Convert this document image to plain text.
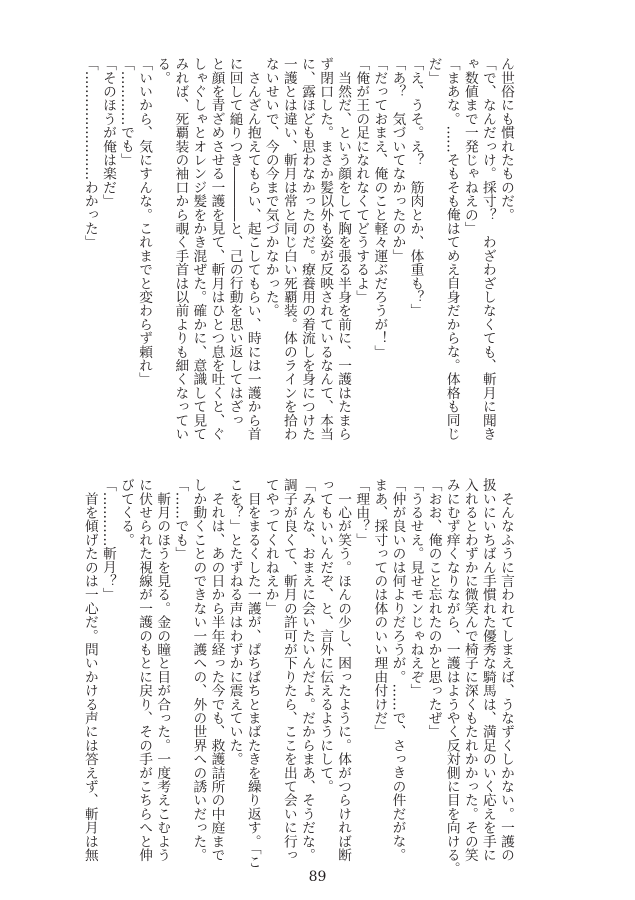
ん世俗にも慣れたものだ。
「で、なんだっけ。採寸？　わざわざしなくても、斬月に聞き
ゃ数値まで一発じゃねえの」
「まあな。……そもそも俺はてめえ自身だからな。体格も同じ
だ」
「え、うそ。え？　筋肉とか、体重も？」
「あ？　気づいてなかったのか」
「だっておまえ、俺のこと軽々運ぶだろうが！」
「俺が王の足になれなくてどうするよ」
　当然だ、という顔をして胸を張る半身を前に、一護はたまら
ず閉口した。まさか髪以外も姿が反映されているなんて、本当
に、露ほども思わなかったのだ。療養用の着流しを身につけた
一護とは違い、斬月は常と同じ白い死覇装。体のラインを拾わ
ないせいで、今の今まで気づかなかった。
　さんざん抱えてもらい、起こしてもらい、時には一護から首
に回して縋りつき――――と、己の行動を思い返してはざっ
と顔を青ざめさせる一護を見て、斬月はひとつ息を吐くと、ぐ
しゃぐしゃとオレンジ髪をかき混ぜた。確かに、意識して見て
みれば、死覇装の袖口から覗く手首は以前よりも細くなってい
る。
「いいから、気にすんな。これまでと変わらず頼れ」
「…………でも」
「そのほうが俺は楽だ」
「……………………わかった」
　そんなふうに言われてしまえば、うなずくしかない。一護の
扱いにいちばん手慣れた優秀な騎馬は、満足のいく応えを手に
入れるとわずかに微笑んで椅子に深くもたれかかった。その笑
みにむず痒くなりながら、一護はようやく反対側に目を向ける。
「おお、俺のこと忘れたのかと思ったぜ」
「うるせえ。見せモンじゃねえぞ」
「仲が良いのは何よりだろうが。……で、さっきの件だがな。
まあ、採寸ってのは体のいい理由付けだ」
「理由？」
　一心が笑う。ほんの少し、困ったように。体がつらければ断
ってもいいんだぞ、と、言外に伝えるようにして。
「みんな、おまえに会いたいんだよ。だからまあ、そうだな。
調子が良くて、斬月の許可が下りたら、ここを出て会いに行っ
てやってくれねえか」
　目をまるくした一護が、ぱちぱちとまばたきを繰り返す。「こ
こを？」とたずねる声はわずかに震えていた。
　それは、あの日から半年経った今でも、救護詰所の中庭まで
しか動くことのできない一護への、外の世界への誘いだった。
「……でも」
　斬月のほうを見る。金の瞳と目が合った。一度考えこむよう
に伏せられた視線が一護のもとに戻り、その手がこちらへと伸
びてくる。
「…………斬月？」
　首を傾げたのは一心だ。問いかける声には答えず、斬月は無
89
